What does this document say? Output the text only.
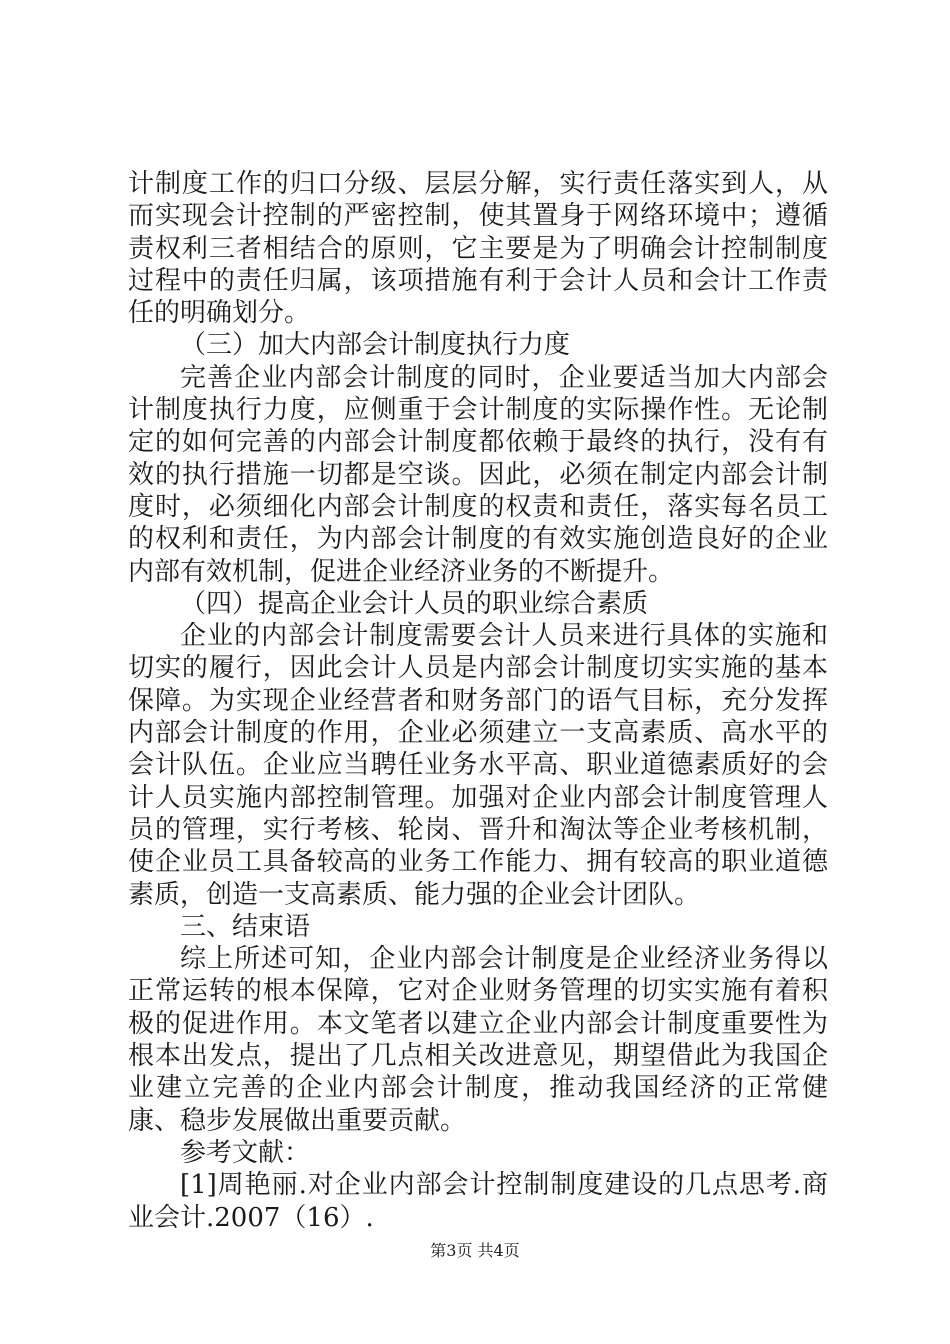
计制度工作的归口分级、层层分解，实行责任落实到人，从而实现会计控制的严密控制，使其置身于网络环境中；遵循责权利三者相结合的原则，它主要是为了明确会计控制制度过程中的责任归属，该项措施有利于会计人员和会计工作责任的明确划分。

（三）加大内部会计制度执行力度

完善企业内部会计制度的同时，企业要适当加大内部会计制度执行力度，应侧重于会计制度的实际操作性。无论制定的如何完善的内部会计制度都依赖于最终的执行，没有有效的执行措施一切都是空谈。因此，必须在制定内部会计制度时，必须细化内部会计制度的权责和责任，落实每名员工的权利和责任，为内部会计制度的有效实施创造良好的企业内部有效机制，促进企业经济业务的不断提升。

（四）提高企业会计人员的职业综合素质

企业的内部会计制度需要会计人员来进行具体的实施和切实的履行，因此会计人员是内部会计制度切实实施的基本保障。为实现企业经营者和财务部门的语气目标，充分发挥内部会计制度的作用，企业必须建立一支高素质、高水平的会计队伍。企业应当聘任业务水平高、职业道德素质好的会计人员实施内部控制管理。加强对企业内部会计制度管理人员的管理，实行考核、轮岗、晋升和淘汰等企业考核机制，使企业员工具备较高的业务工作能力、拥有较高的职业道德素质，创造一支高素质、能力强的企业会计团队。

三、结束语

综上所述可知，企业内部会计制度是企业经济业务得以正常运转的根本保障，它对企业财务管理的切实实施有着积极的促进作用。本文笔者以建立企业内部会计制度重要性为根本出发点，提出了几点相关改进意见，期望借此为我国企业建立完善的企业内部会计制度，推动我国经济的正常健康、稳步发展做出重要贡献。

参考文献：

[1]周艳丽.对企业内部会计控制制度建设的几点思考.商业会计.2007（16）.

第3页 共4页
